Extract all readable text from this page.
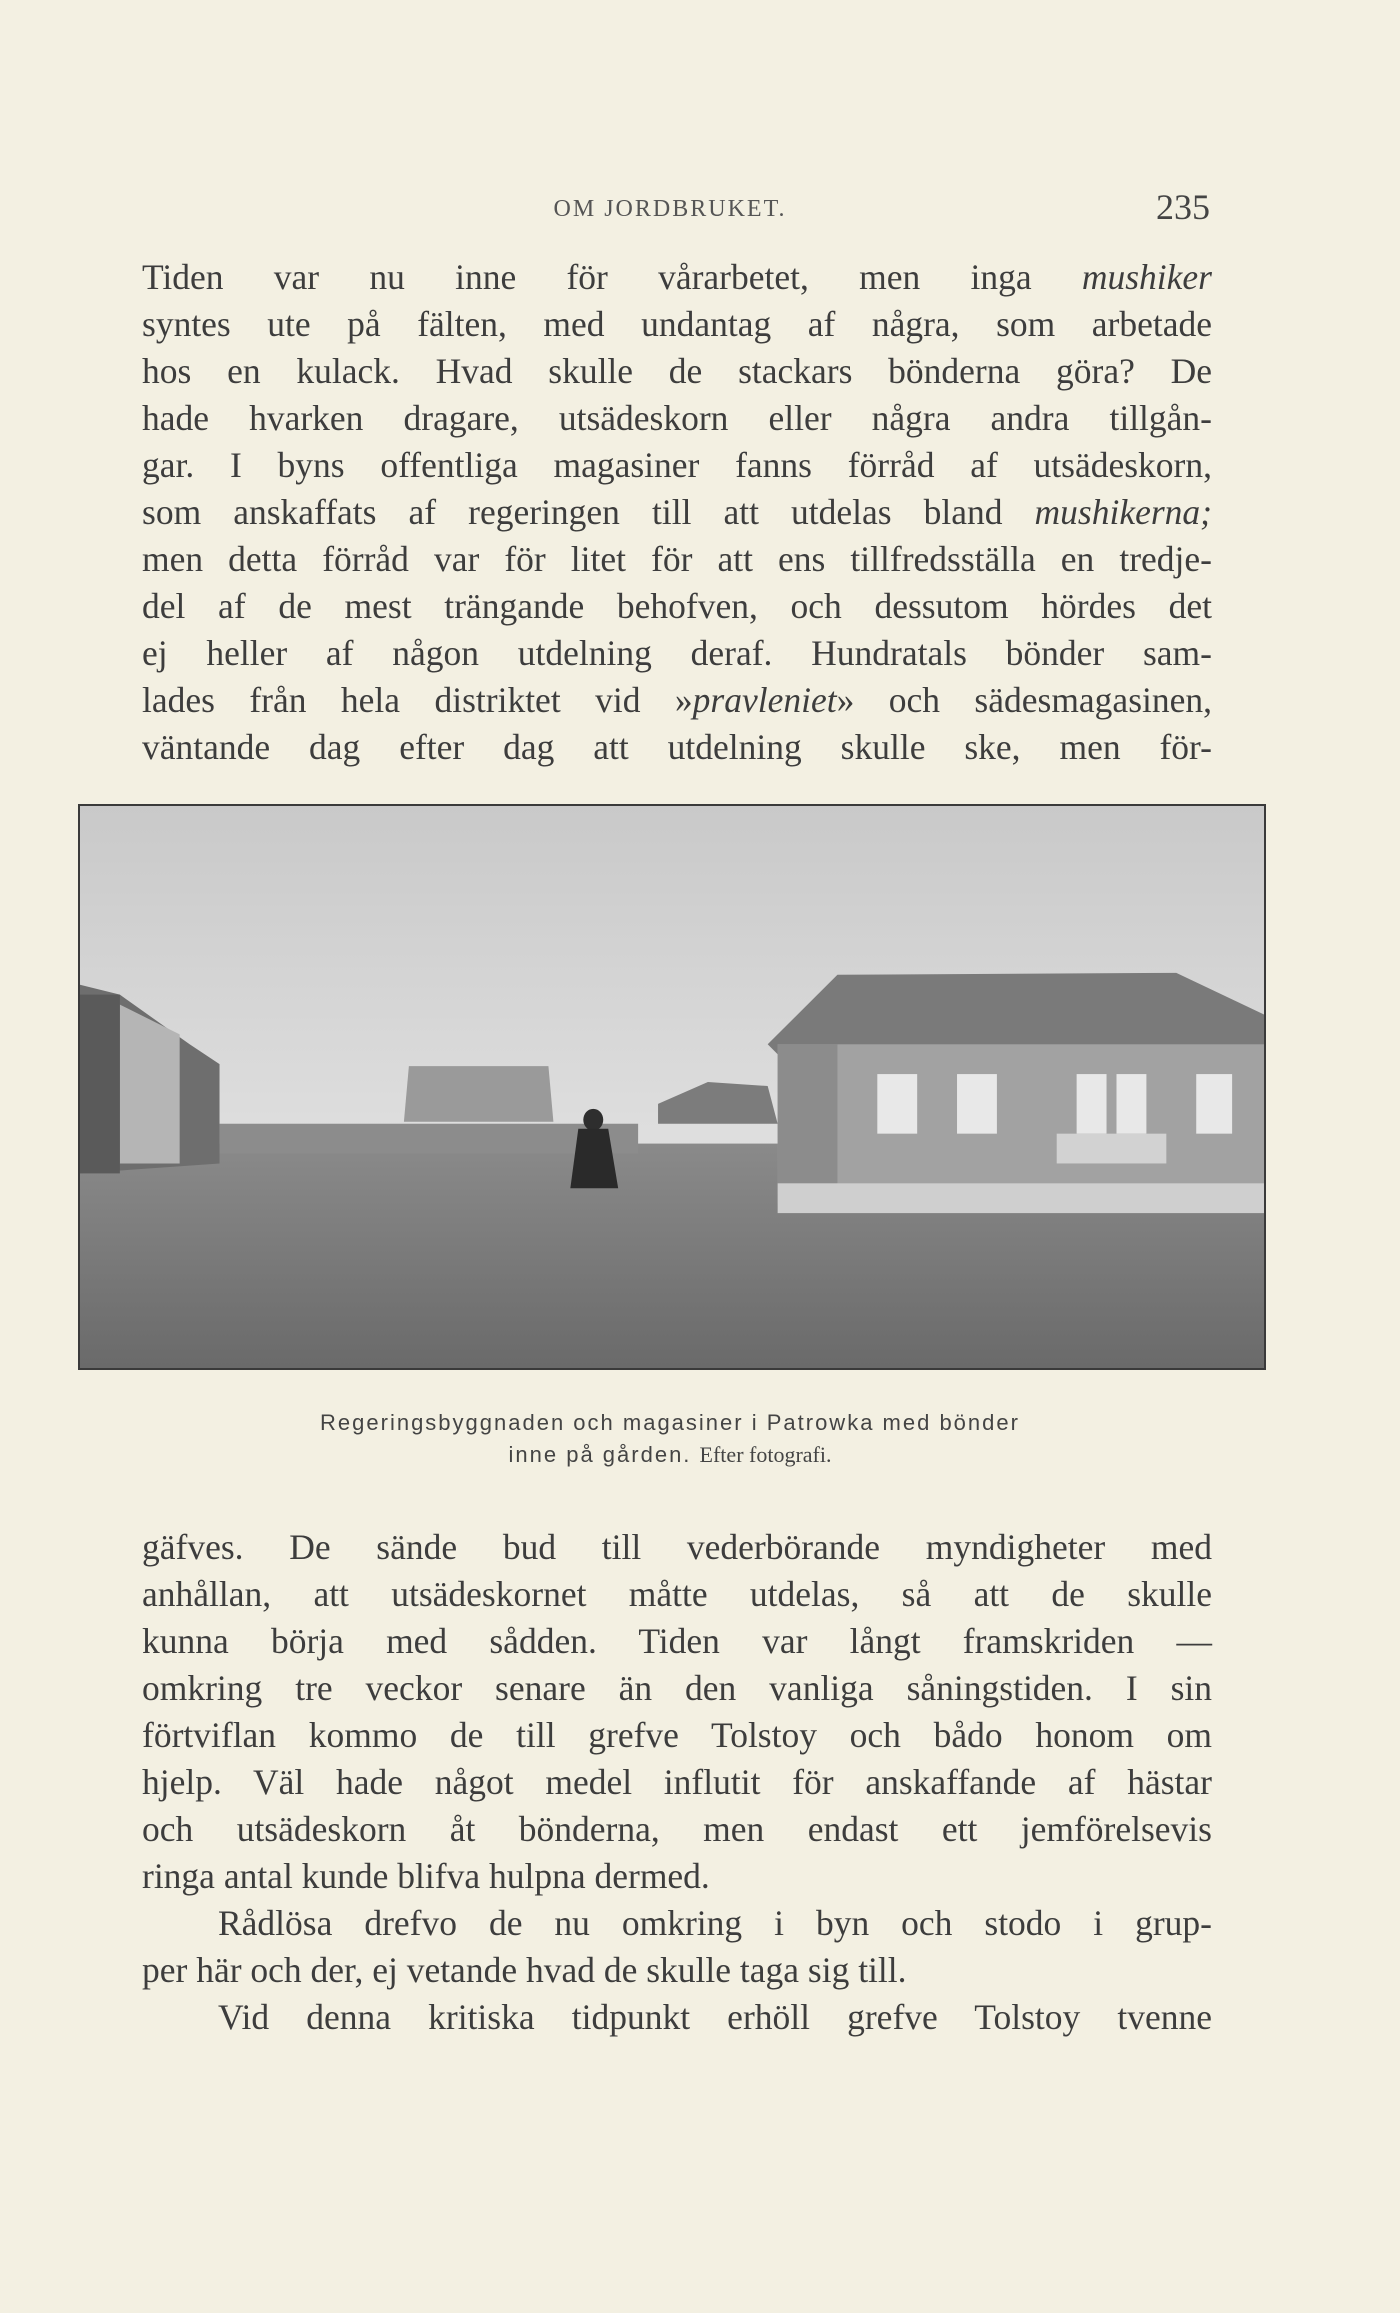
OM JORDBRUKET.	235
Tiden var nu inne för vårarbetet, men inga mushiker
syntes ute på fälten, med undantag af några, som arbetade
hos en kulack. Hvad skulle de stackars bönderna göra? De
hade hvarken dragare, utsädeskorn eller några andra tillgån-
gar. I byns offentliga magasiner fanns förråd af utsädeskorn,
som anskaffats af regeringen till att utdelas bland mushikerna;
men detta förråd var för litet för att ens tillfredsställa en tredje-
del af de mest trängande behofven, och dessutom hördes det
ej heller af någon utdelning deraf. Hundratals bönder sam-
lades från hela distriktet vid »pravleniet» och sädesmagasinen,
väntande dag efter dag att utdelning skulle ske, men för-
Regeringsbyggnaden och magasiner i Patrowka med bönder
inne på gården. Efter fotografi.
gäfves. De sände bud till vederbörande myndigheter med
anhållan, att utsädeskornet måtte utdelas, så att de skulle
kunna börja med sådden. Tiden var långt framskriden —
omkring tre veckor senare än den vanliga såningstiden. I sin
förtviflan kommo de till grefve Tolstoy och bådo honom om
hjelp. Väl hade något medel influtit för anskaffande af hästar
och utsädeskorn åt bönderna, men endast ett jemförelsevis
ringa antal kunde blifva hulpna dermed.
Rådlösa drefvo de nu omkring i byn och stodo i grup-
per här och der, ej vetande hvad de skulle taga sig till.
Vid denna kritiska tidpunkt erhöll grefve Tolstoy tvenne
